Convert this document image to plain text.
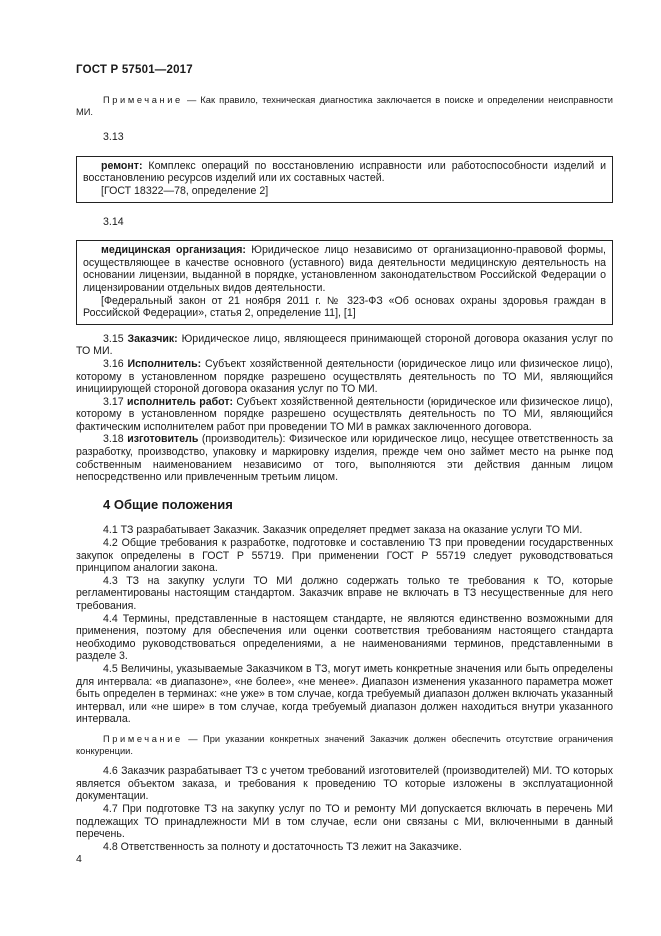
ГОСТ Р 57501—2017

Примечание — Как правило, техническая диагностика заключается в поиске и определении неисправности МИ.

3.13

ремонт: Комплекс операций по восстановлению исправности или работоспособности изделий и восстановлению ресурсов изделий или их составных частей.

[ГОСТ 18322—78, определение 2]

3.14

медицинская организация: Юридическое лицо независимо от организационно-правовой формы, осуществляющее в качестве основного (уставного) вида деятельности медицинскую деятельность на основании лицензии, выданной в порядке, установленном законодательством Российской Федерации о лицензировании отдельных видов деятельности.

[Федеральный закон от 21 ноября 2011 г. № 323-ФЗ «Об основах охраны здоровья граждан в Российской Федерации», статья 2, определение 11], [1]

3.15 Заказчик: Юридическое лицо, являющееся принимающей стороной договора оказания услуг по ТО МИ.

3.16 Исполнитель: Субъект хозяйственной деятельности (юридическое лицо или физическое лицо), которому в установленном порядке разрешено осуществлять деятельность по ТО МИ, являющийся инициирующей стороной договора оказания услуг по ТО МИ.

3.17 исполнитель работ: Субъект хозяйственной деятельности (юридическое или физическое лицо), которому в установленном порядке разрешено осуществлять деятельность по ТО МИ, являющийся фактическим исполнителем работ при проведении ТО МИ в рамках заключенного договора.

3.18 изготовитель (производитель): Физическое или юридическое лицо, несущее ответственность за разработку, производство, упаковку и маркировку изделия, прежде чем оно займет место на рынке под собственным наименованием независимо от того, выполняются эти действия данным лицом непосредственно или привлеченным третьим лицом.

4 Общие положения

4.1 ТЗ разрабатывает Заказчик. Заказчик определяет предмет заказа на оказание услуги ТО МИ.

4.2 Общие требования к разработке, подготовке и составлению ТЗ при проведении государственных закупок определены в ГОСТ Р 55719. При применении ГОСТ Р 55719 следует руководствоваться принципом аналогии закона.

4.3 ТЗ на закупку услуги ТО МИ должно содержать только те требования к ТО, которые регламентированы настоящим стандартом. Заказчик вправе не включать в ТЗ несущественные для него требования.

4.4 Термины, представленные в настоящем стандарте, не являются единственно возможными для применения, поэтому для обеспечения или оценки соответствия требованиям настоящего стандарта необходимо руководствоваться определениями, а не наименованиями терминов, представленными в разделе 3.

4.5 Величины, указываемые Заказчиком в ТЗ, могут иметь конкретные значения или быть определены для интервала: «в диапазоне», «не более», «не менее». Диапазон изменения указанного параметра может быть определен в терминах: «не уже» в том случае, когда требуемый диапазон должен включать указанный интервал, или «не шире» в том случае, когда требуемый диапазон должен находиться внутри указанного интервала.

Примечание — При указании конкретных значений Заказчик должен обеспечить отсутствие ограничения конкуренции.

4.6 Заказчик разрабатывает ТЗ с учетом требований изготовителей (производителей) МИ. ТО которых является объектом заказа, и требования к проведению ТО которые изложены в эксплуатационной документации.

4.7 При подготовке ТЗ на закупку услуг по ТО и ремонту МИ допускается включать в перечень МИ подлежащих ТО принадлежности МИ в том случае, если они связаны с МИ, включенными в данный перечень.

4.8 Ответственность за полноту и достаточность ТЗ лежит на Заказчике.

4
